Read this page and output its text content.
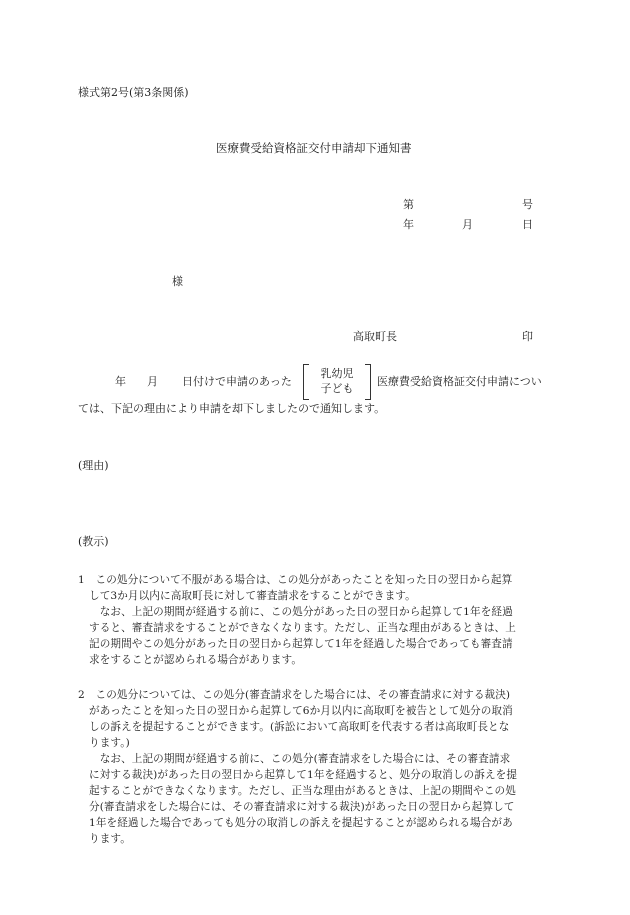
様式第2号(第3条関係)
医療費受給資格証交付申請却下通知書
第	号
年	月	日
様
高取町長	印
年 月 日付けで申請のあった
乳幼児
子ども
医療費受給資格証交付申請につい
ては、下記の理由により申請を却下しましたので通知します。
(理由)
(教示)
1　この処分について不服がある場合は、この処分があったことを知った日の翌日から起算
して3か月以内に高取町長に対して審査請求をすることができます。
　なお、上記の期間が経過する前に、この処分があった日の翌日から起算して1年を経過
すると、審査請求をすることができなくなります。ただし、正当な理由があるときは、上
記の期間やこの処分があった日の翌日から起算して1年を経過した場合であっても審査請
求をすることが認められる場合があります。
2　この処分については、この処分(審査請求をした場合には、その審査請求に対する裁決)
があったことを知った日の翌日から起算して6か月以内に高取町を被告として処分の取消
しの訴えを提起することができます。(訴訟において高取町を代表する者は高取町長とな
ります。)
　なお、上記の期間が経過する前に、この処分(審査請求をした場合には、その審査請求
に対する裁決)があった日の翌日から起算して1年を経過すると、処分の取消しの訴えを提
起することができなくなります。ただし、正当な理由があるときは、上記の期間やこの処
分(審査請求をした場合には、その審査請求に対する裁決)があった日の翌日から起算して
1年を経過した場合であっても処分の取消しの訴えを提起することが認められる場合があ
ります。
